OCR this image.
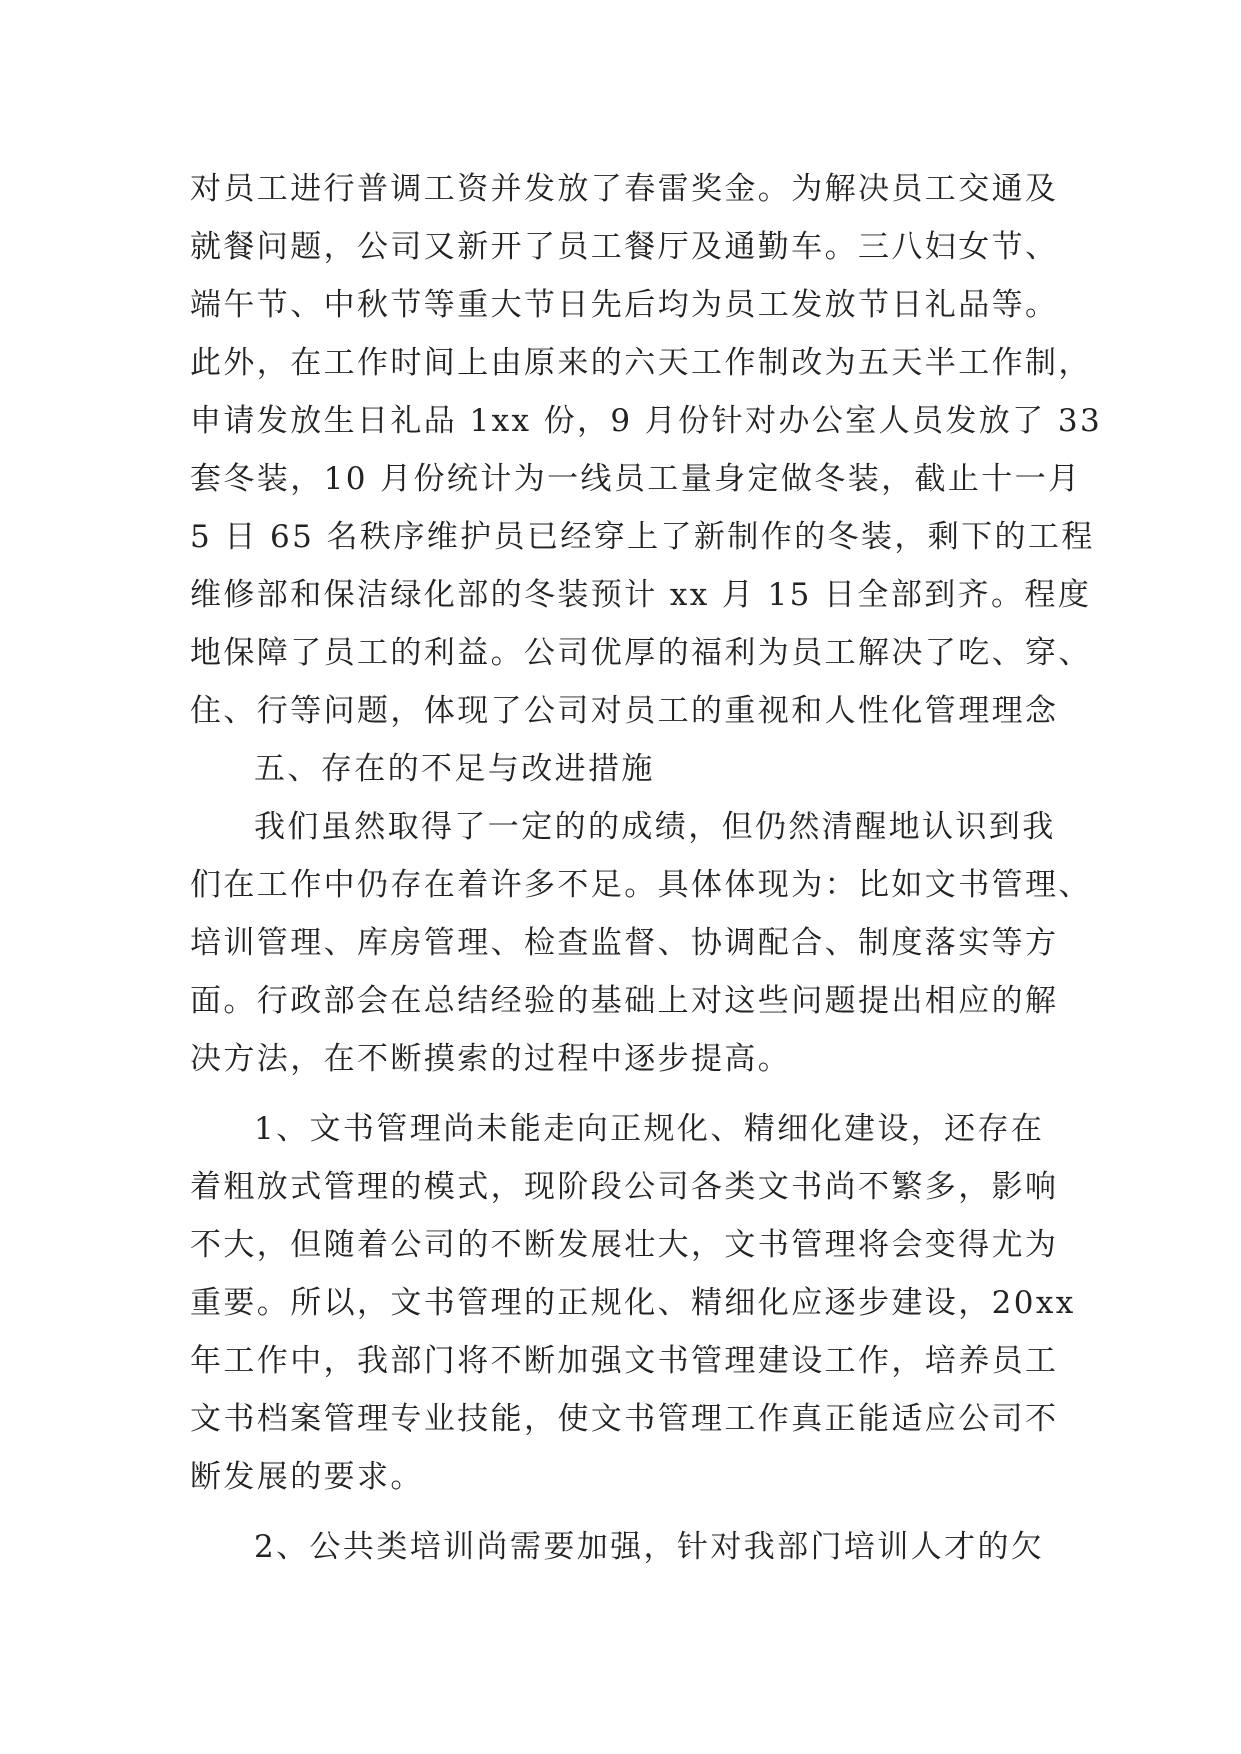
对员工进行普调工资并发放了春雷奖金。为解决员工交通及
就餐问题，公司又新开了员工餐厅及通勤车。三八妇女节、
端午节、中秋节等重大节日先后均为员工发放节日礼品等。
此外，在工作时间上由原来的六天工作制改为五天半工作制，
申请发放生日礼品 1xx 份，9 月份针对办公室人员发放了 33
套冬装，10 月份统计为一线员工量身定做冬装，截止十一月
5 日 65 名秩序维护员已经穿上了新制作的冬装，剩下的工程
维修部和保洁绿化部的冬装预计 xx 月 15 日全部到齐。程度
地保障了员工的利益。公司优厚的福利为员工解决了吃、穿、
住、行等问题，体现了公司对员工的重视和人性化管理理念
五、存在的不足与改进措施
我们虽然取得了一定的的成绩，但仍然清醒地认识到我
们在工作中仍存在着许多不足。具体体现为：比如文书管理、
培训管理、库房管理、检查监督、协调配合、制度落实等方
面。行政部会在总结经验的基础上对这些问题提出相应的解
决方法，在不断摸索的过程中逐步提高。
1、文书管理尚未能走向正规化、精细化建设，还存在
着粗放式管理的模式，现阶段公司各类文书尚不繁多，影响
不大，但随着公司的不断发展壮大，文书管理将会变得尤为
重要。所以，文书管理的正规化、精细化应逐步建设，20xx
年工作中，我部门将不断加强文书管理建设工作，培养员工
文书档案管理专业技能，使文书管理工作真正能适应公司不
断发展的要求。
2、公共类培训尚需要加强，针对我部门培训人才的欠
